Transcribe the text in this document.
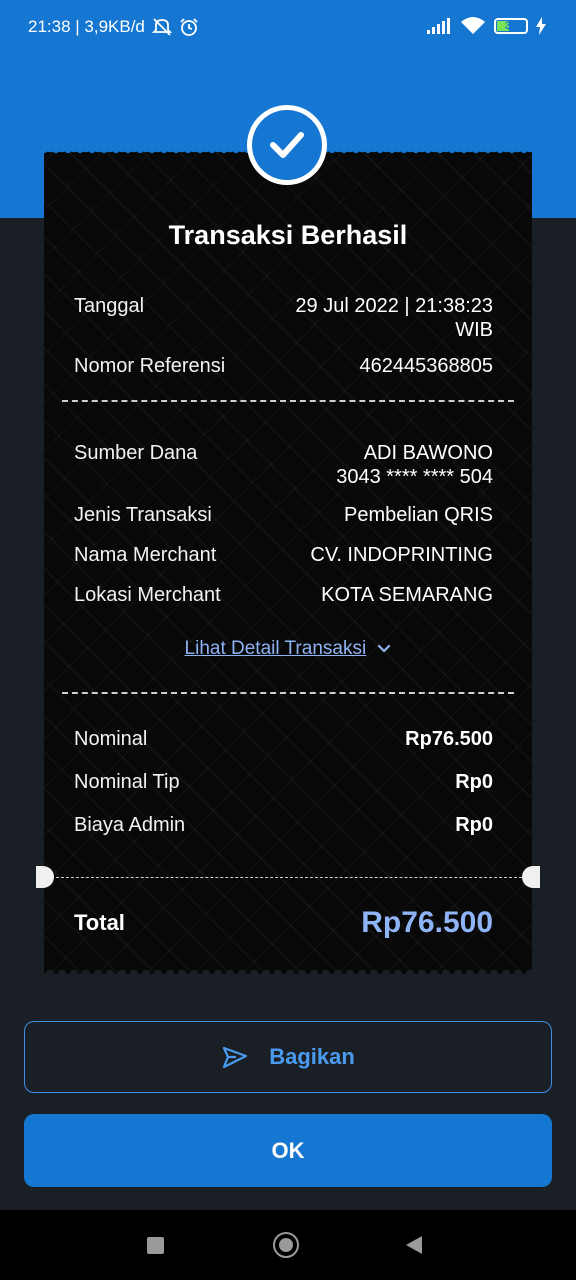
21:38 | 3,9KB/d	38
Transaksi Berhasil
Tanggal	29 Jul 2022 | 21:38:23
WIB
Nomor Referensi	462445368805
Sumber Dana	ADI BAWONO
3043 **** **** 504
Jenis Transaksi	Pembelian QRIS
Nama Merchant	CV. INDOPRINTING
Lokasi Merchant	KOTA SEMARANG
Lihat Detail Transaksi
Nominal	Rp76.500
Nominal Tip	Rp0
Biaya Admin	Rp0
Total	Rp76.500
Bagikan
OK
